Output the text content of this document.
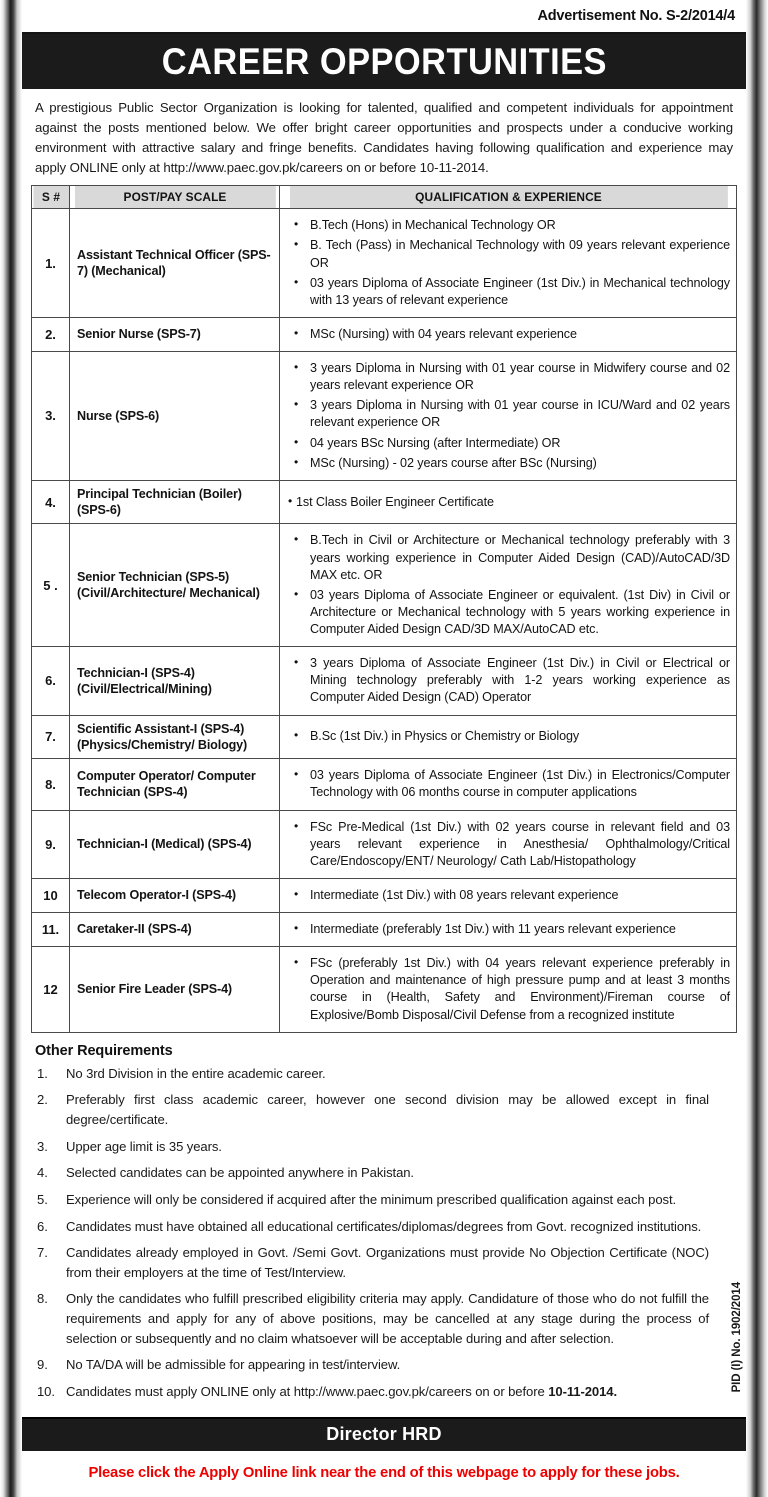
Advertisement No. S-2/2014/4
CAREER OPPORTUNITIES
A prestigious Public Sector Organization is looking for talented, qualified and competent individuals for appointment against the posts mentioned below. We offer bright career opportunities and prospects under a conducive working environment with attractive salary and fringe benefits. Candidates having following qualification and experience may apply ONLINE only at http://www.paec.gov.pk/careers on or before 10-11-2014.
S #	POST/PAY SCALE	QUALIFICATION & EXPERIENCE
1.	Assistant Technical Officer (SPS-7) (Mechanical)	
• B.Tech (Hons) in Mechanical Technology OR
• B. Tech (Pass) in Mechanical Technology with 09 years relevant experience OR
• 03 years Diploma of Associate Engineer (1st Div.) in Mechanical technology with 13 years of relevant experience

2.	Senior Nurse (SPS-7)	
•MSc (Nursing) with 04 years relevant experience

3.	Nurse (SPS-6)	
• 3 years Diploma in Nursing with 01 year course in Midwifery course and 02 years relevant experience OR
• 3 years Diploma in Nursing with 01 year course in ICU/Ward and 02 years relevant experience OR
• 04 years BSc Nursing (after Intermediate) OR
• MSc (Nursing) - 02 years course after BSc (Nursing)

4.	Principal Technician (Boiler) (SPS-6)	
• 1st Class Boiler Engineer Certificate

5 .	Senior Technician (SPS-5) (Civil/Architecture/ Mechanical)	
• B.Tech in Civil or Architecture or Mechanical technology preferably with 3 years working experience in Computer Aided Design (CAD)/AutoCAD/3D MAX etc. OR
• 03 years Diploma of Associate Engineer or equivalent. (1st Div) in Civil or Architecture or Mechanical technology with 5 years working experience in Computer Aided Design CAD/3D MAX/AutoCAD etc.

6.	Technician-I (SPS-4) (Civil/Electrical/Mining)	
• 3 years Diploma of Associate Engineer (1st Div.) in Civil or Electrical or Mining technology preferably with 1-2 years working experience as Computer Aided Design (CAD) Operator

7.	Scientific Assistant-I (SPS-4) (Physics/Chemistry/ Biology)	
• B.Sc (1st Div.) in Physics or Chemistry or Biology

8.	Computer Operator/ Computer Technician (SPS-4)	
• 03 years Diploma of Associate Engineer (1st Div.) in Electronics/Computer Technology with 06 months course in computer applications

9.	Technician-I (Medical) (SPS-4)	
• FSc Pre-Medical (1st Div.) with 02 years course in relevant field and 03 years relevant experience in Anesthesia/ Ophthalmology/Critical Care/Endoscopy/ENT/ Neurology/ Cath Lab/Histopathology

10	Telecom Operator-I (SPS-4)	
•Intermediate (1st Div.) with 08 years relevant experience

11.	Caretaker-II (SPS-4)	
•Intermediate (preferably 1st Div.) with 11 years relevant experience

12	Senior Fire Leader (SPS-4)	
• FSc (preferably 1st Div.) with 04 years relevant experience preferably in Operation and maintenance of high pressure pump and at least 3 months course in (Health, Safety and Environment)/Fireman course of Explosive/Bomb Disposal/Civil Defense from a recognized institute
Other Requirements
No 3rd Division in the entire academic career.
Preferably first class academic career, however one second division may be allowed except in final degree/certificate.
Upper age limit is 35 years.
Selected candidates can be appointed anywhere in Pakistan.
Experience will only be considered if acquired after the minimum prescribed qualification against each post.
Candidates must have obtained all educational certificates/diplomas/degrees from Govt. recognized institutions.
Candidates already employed in Govt. /Semi Govt. Organizations must provide No Objection Certificate (NOC) from their employers at the time of Test/Interview.
Only the candidates who fulfill prescribed eligibility criteria may apply. Candidature of those who do not fulfill the requirements and apply for any of above positions, may be cancelled at any stage during the process of selection or subsequently and no claim whatsoever will be acceptable during and after selection.
No TA/DA will be admissible for appearing in test/interview.
Candidates must apply ONLINE only at http://www.paec.gov.pk/careers on or before 10-11-2014.	PID (I) No. 1902/2014
Director HRD
Please click the Apply Online link near the end of this webpage to apply for these jobs.
